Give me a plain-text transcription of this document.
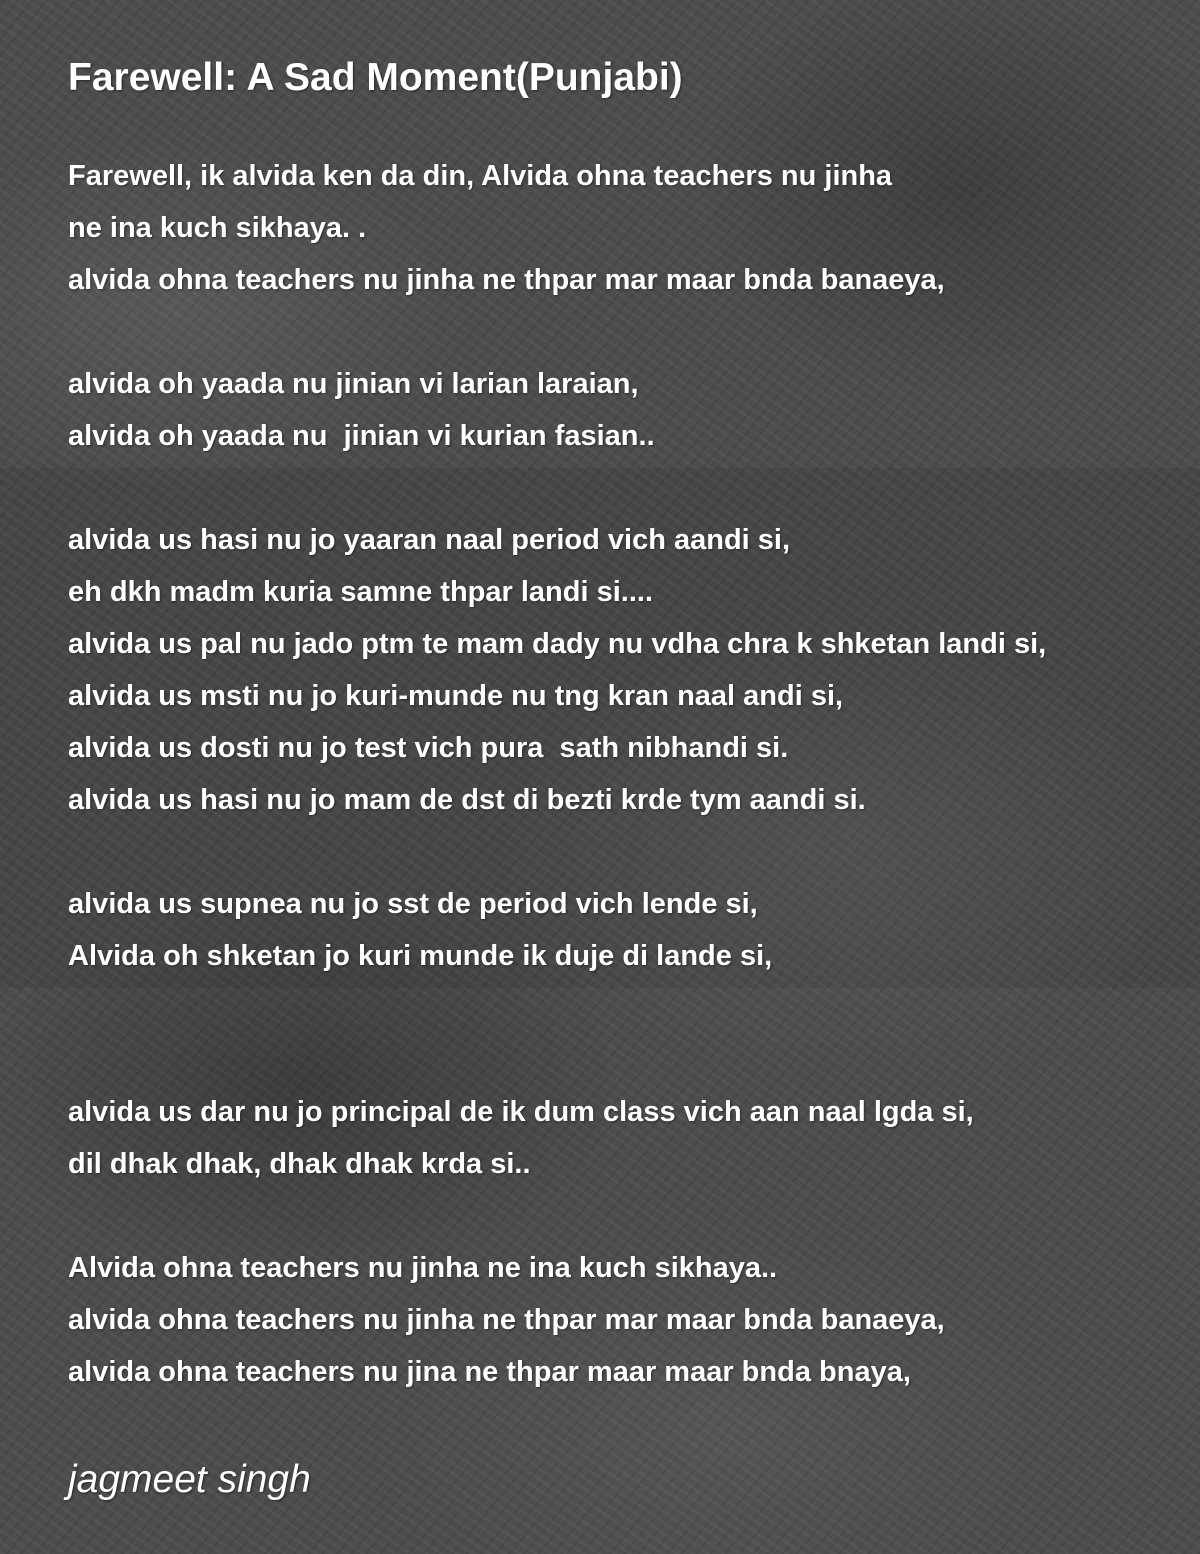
Farewell: A Sad Moment(Punjabi)
Farewell, ik alvida ken da din, Alvida ohna teachers nu jinha
ne ina kuch sikhaya. .
alvida ohna teachers nu jinha ne thpar mar maar bnda banaeya,
alvida oh yaada nu jinian vi larian laraian,
alvida oh yaada nu  jinian vi kurian fasian..
alvida us hasi nu jo yaaran naal period vich aandi si,
eh dkh madm kuria samne thpar landi si....
alvida us pal nu jado ptm te mam dady nu vdha chra k shketan landi si,
alvida us msti nu jo kuri-munde nu tng kran naal andi si,
alvida us dosti nu jo test vich pura  sath nibhandi si.
alvida us hasi nu jo mam de dst di bezti krde tym aandi si.
alvida us supnea nu jo sst de period vich lende si,
Alvida oh shketan jo kuri munde ik duje di lande si,
alvida us dar nu jo principal de ik dum class vich aan naal lgda si,
dil dhak dhak, dhak dhak krda si..
Alvida ohna teachers nu jinha ne ina kuch sikhaya..
alvida ohna teachers nu jinha ne thpar mar maar bnda banaeya,
alvida ohna teachers nu jina ne thpar maar maar bnda bnaya,
jagmeet singh
